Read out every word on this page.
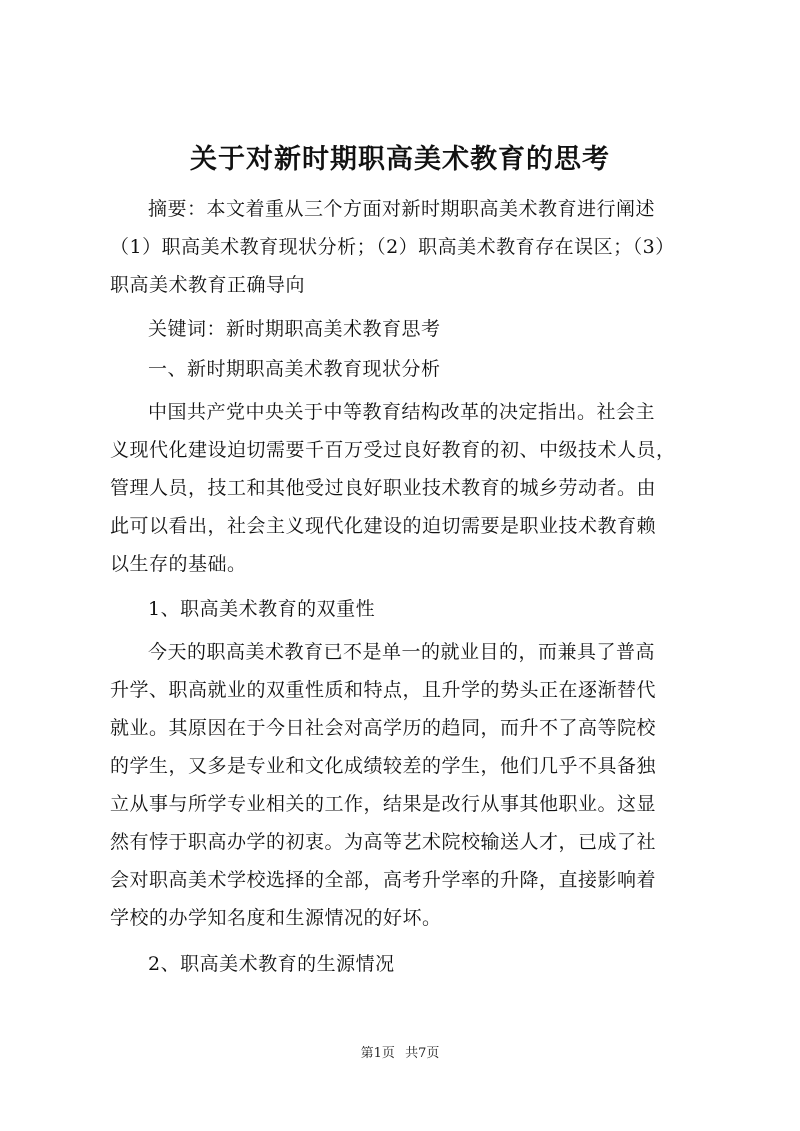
关于对新时期职高美术教育的思考
摘要：本文着重从三个方面对新时期职高美术教育进行阐述
（1）职高美术教育现状分析；（2）职高美术教育存在误区；（3）
职高美术教育正确导向
关键词：新时期职高美术教育思考
一、新时期职高美术教育现状分析
中国共产党中央关于中等教育结构改革的决定指出。社会主
义现代化建设迫切需要千百万受过良好教育的初、中级技术人员，
管理人员，技工和其他受过良好职业技术教育的城乡劳动者。由
此可以看出，社会主义现代化建设的迫切需要是职业技术教育赖
以生存的基础。
1、职高美术教育的双重性
今天的职高美术教育已不是单一的就业目的，而兼具了普高
升学、职高就业的双重性质和特点，且升学的势头正在逐渐替代
就业。其原因在于今日社会对高学历的趋同，而升不了高等院校
的学生，又多是专业和文化成绩较差的学生，他们几乎不具备独
立从事与所学专业相关的工作，结果是改行从事其他职业。这显
然有悖于职高办学的初衷。为高等艺术院校输送人才，已成了社
会对职高美术学校选择的全部，高考升学率的升降，直接影响着
学校的办学知名度和生源情况的好坏。
2、职高美术教育的生源情况
第1页 共7页
